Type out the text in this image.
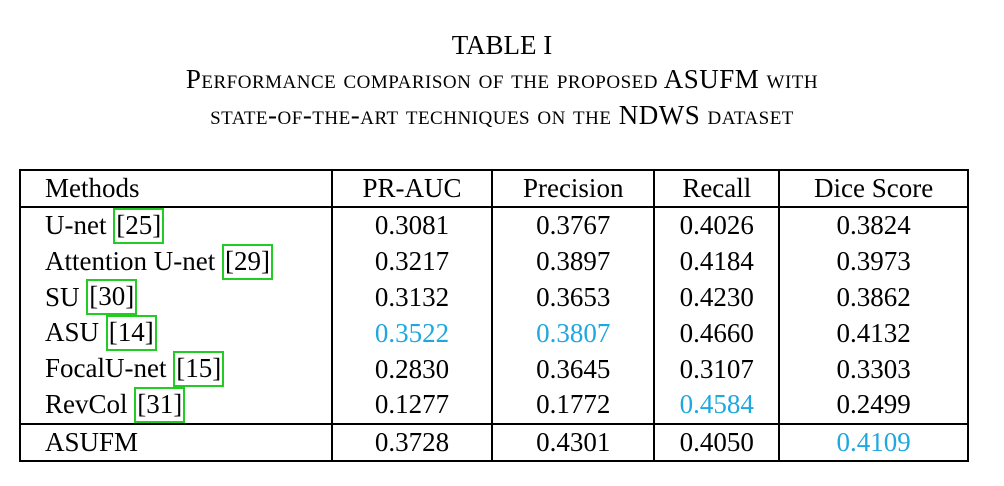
TABLE I
Performance comparison of the proposed ASUFM with
state-of-the-art techniques on the NDWS dataset
Methods	PR-AUC	Precision	Recall	Dice Score
U-net [25]	0.3081	0.3767	0.4026	0.3824
Attention U-net [29]	0.3217	0.3897	0.4184	0.3973
SU [30]	0.3132	0.3653	0.4230	0.3862
ASU [14]	0.3522	0.3807	0.4660	0.4132
FocalU-net [15]	0.2830	0.3645	0.3107	0.3303
RevCol [31]	0.1277	0.1772	0.4584	0.2499
ASUFM	0.3728	0.4301	0.4050	0.4109
